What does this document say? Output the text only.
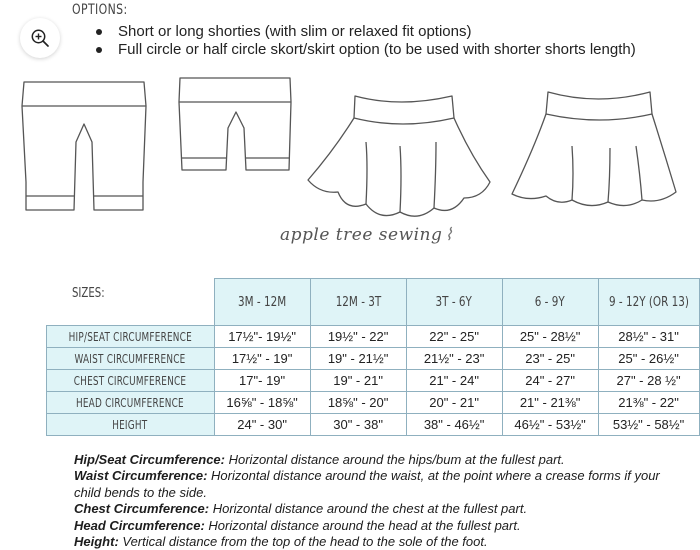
OPTIONS:
Short or long shorties (with slim or relaxed fit options)
Full circle or half circle skort/skirt option (to be used with shorter shorts length)
apple tree sewing ⌇
SIZES:
	3M - 12M	12M - 3T	3T - 6Y	6 - 9Y	9 - 12Y (OR 13)
HIP/SEAT CIRCUMFERENCE	17½"- 19½"	19½" - 22"	22" - 25"	25" - 28½"	28½" - 31"
WAIST CIRCUMFERENCE	17½" - 19"	19" - 21½"	21½" - 23"	23" - 25"	25" - 26½"
CHEST CIRCUMFERENCE	17"- 19"	19" - 21"	21" - 24"	24" - 27"	27" - 28 ½"
HEAD CIRCUMFERENCE	16⅝" - 18⅝"	18⅝" - 20"	20" - 21"	21" - 21⅜"	21⅜" - 22"
HEIGHT	24" - 30"	30" - 38"	38" - 46½"	46½" - 53½"	53½" - 58½"

Hip/Seat Circumference: Horizontal distance around the hips/bum at the fullest part.

Waist Circumference: Horizontal distance around the waist, at the point where a crease forms if your child bends to the side.

Chest Circumference: Horizontal distance around the chest at the fullest part.

Head Circumference: Horizontal distance around the head at the fullest part.

Height: Vertical distance from the top of the head to the sole of the foot.
